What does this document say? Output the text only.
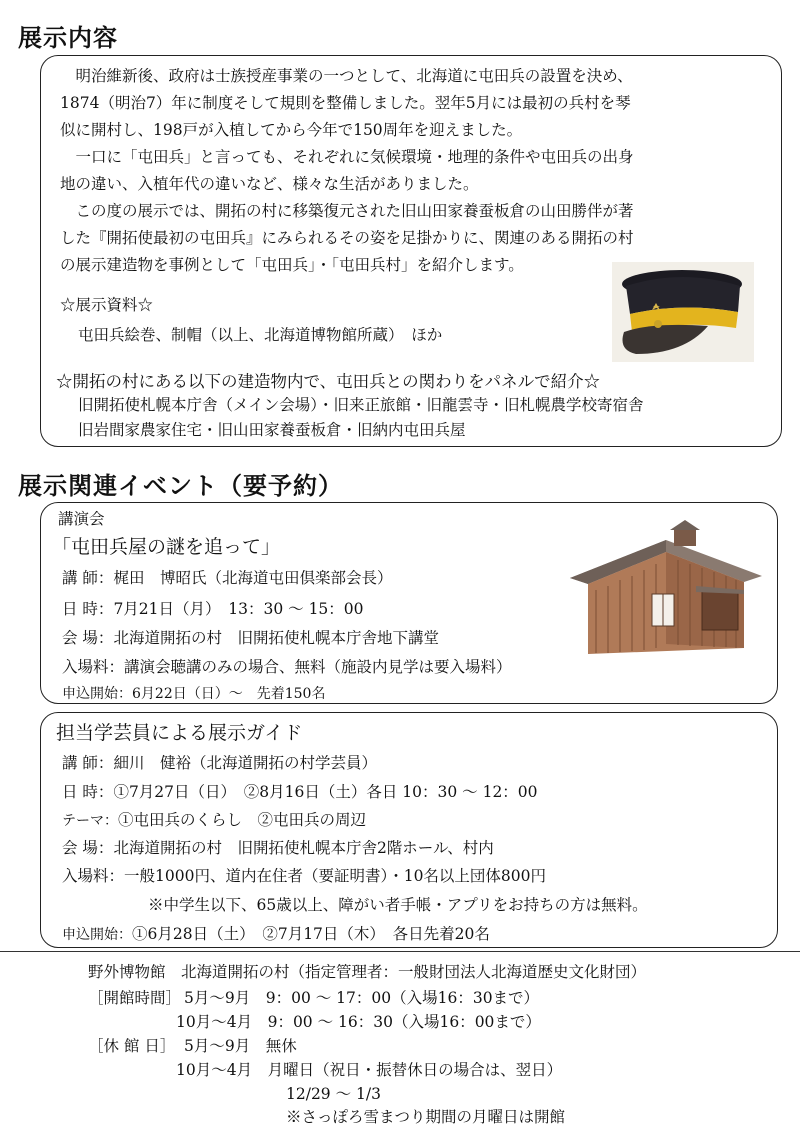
展示内容
　明治維新後、政府は士族授産事業の一つとして、北海道に屯田兵の設置を決め、
1874（明治7）年に制度そして規則を整備しました。翌年5月には最初の兵村を琴
似に開村し、198戸が入植してから今年で150周年を迎えました。
　一口に「屯田兵」と言っても、それぞれに気候環境・地理的条件や屯田兵の出身
地の違い、入植年代の違いなど、様々な生活がありました。
　この度の展示では、開拓の村に移築復元された旧山田家養蚕板倉の山田勝伴が著
した『開拓使最初の屯田兵』にみられるその姿を足掛かりに、関連のある開拓の村
の展示建造物を事例として「屯田兵」・「屯田兵村」を紹介します。
☆展示資料☆
屯田兵絵巻、制帽（以上、北海道博物館所蔵）　ほか
☆開拓の村にある以下の建造物内で、屯田兵との関わりをパネルで紹介☆
旧開拓使札幌本庁舎（メイン会場）・旧来正旅館・旧龍雲寺・旧札幌農学校寄宿舎
旧岩間家農家住宅・旧山田家養蚕板倉・旧納内屯田兵屋
展示関連イベント（要予約）
講演会
「屯田兵屋の謎を追って」
講 師：梶田　博昭氏（北海道屯田倶楽部会長）
日 時：7月21日（月）　13：30 ～ 15：00
会 場：北海道開拓の村　旧開拓使札幌本庁舎地下講堂
入場料：講演会聴講のみの場合、無料（施設内見学は要入場料）
申込開始：6月22日（日）～　先着150名
担当学芸員による展示ガイド
講 師：細川　健裕（北海道開拓の村学芸員）
日 時：①7月27日（日）　②8月16日（土）各日 10：30 ～ 12：00
テーマ：①屯田兵のくらし　②屯田兵の周辺
会 場：北海道開拓の村　旧開拓使札幌本庁舎2階ホール、村内
入場料：一般1000円、道内在住者（要証明書）・10名以上団体800円
※中学生以下、65歳以上、障がい者手帳・アプリをお持ちの方は無料。
申込開始：①6月28日（土）　②7月17日（木）　各日先着20名
野外博物館　北海道開拓の村（指定管理者：一般財団法人北海道歴史文化財団）
［開館時間］ 5月～9月　9：00 ～ 17：00（入場16：30まで）
10月～4月　9：00 ～ 16：30（入場16：00まで）
［休 館 日］ 5月～9月　無休
10月～4月　月曜日（祝日・振替休日の場合は、翌日）
12/29 ～ 1/3
※さっぽろ雪まつり期間の月曜日は開館
